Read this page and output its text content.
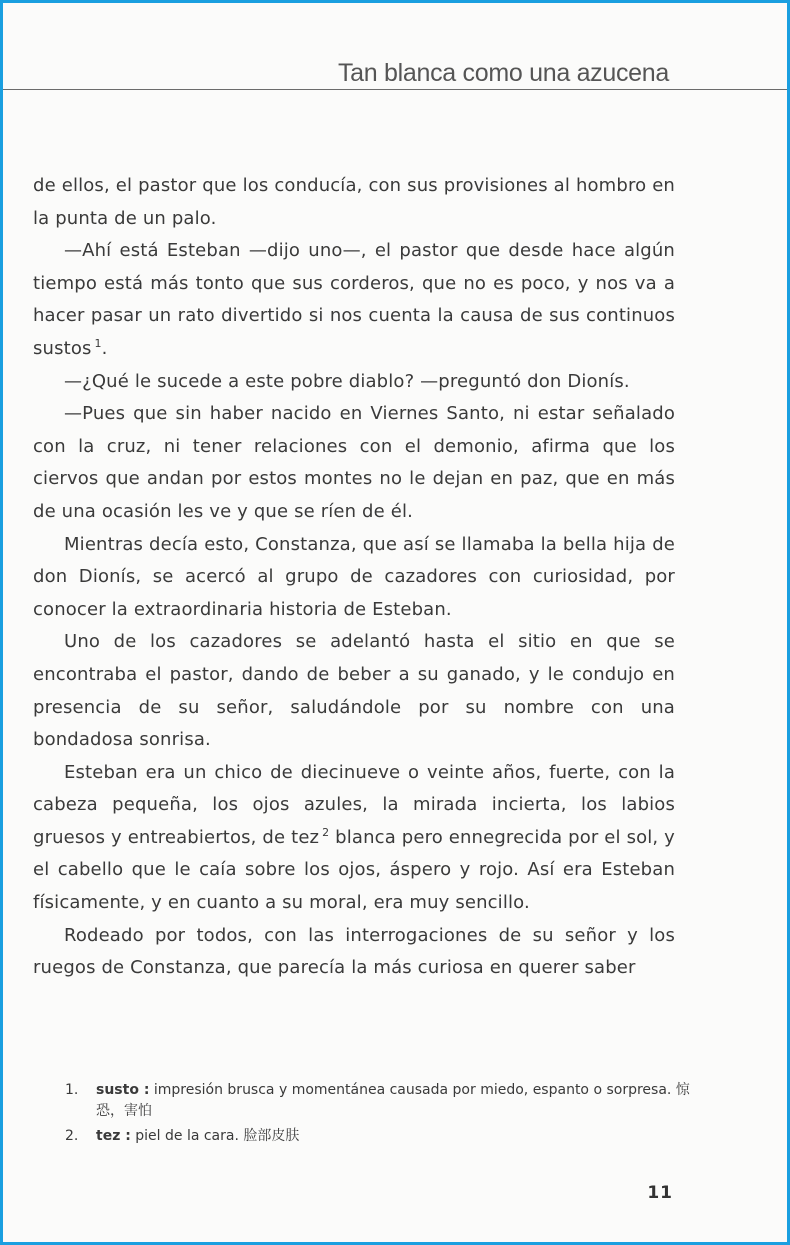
Tan blanca como una azucena

de ellos, el pastor que los conducía, con sus provisiones al hombro en la punta de un palo.

—Ahí está Esteban —dijo uno—, el pastor que desde hace algún tiempo está más tonto que sus corderos, que no es poco, y nos va a hacer pasar un rato divertido si nos cuenta la causa de sus continuos sustos $^1$.

—¿Qué le sucede a este pobre diablo? —preguntó don Dionís.

—Pues que sin haber nacido en Viernes Santo, ni estar señalado con la cruz, ni tener relaciones con el demonio, afirma que los ciervos que andan por estos montes no le dejan en paz, que en más de una ocasión les ve y que se ríen de él.

Mientras decía esto, Constanza, que así se llamaba la bella hija de don Dionís, se acercó al grupo de cazadores con curiosidad, por conocer la extraordinaria historia de Esteban.

Uno de los cazadores se adelantó hasta el sitio en que se encontraba el pastor, dando de beber a su ganado, y le condujo en presencia de su señor, saludándole por su nombre con una bondadosa sonrisa.

Esteban era un chico de diecinueve o veinte años, fuerte, con la cabeza pequeña, los ojos azules, la mirada incierta, los labios gruesos y entreabiertos, de tez $^2$ blanca pero ennegrecida por el sol, y el cabello que le caía sobre los ojos, áspero y rojo. Así era Esteban físicamente, y en cuanto a su moral, era muy sencillo.

Rodeado por todos, con las interrogaciones de su señor y los ruegos de Constanza, que parecía la más curiosa en querer saber

1. susto : impresión brusca y momentánea causada por miedo, espanto o sorpresa. 惊恐，害怕
2. tez : piel de la cara. 脸部皮肤
11
